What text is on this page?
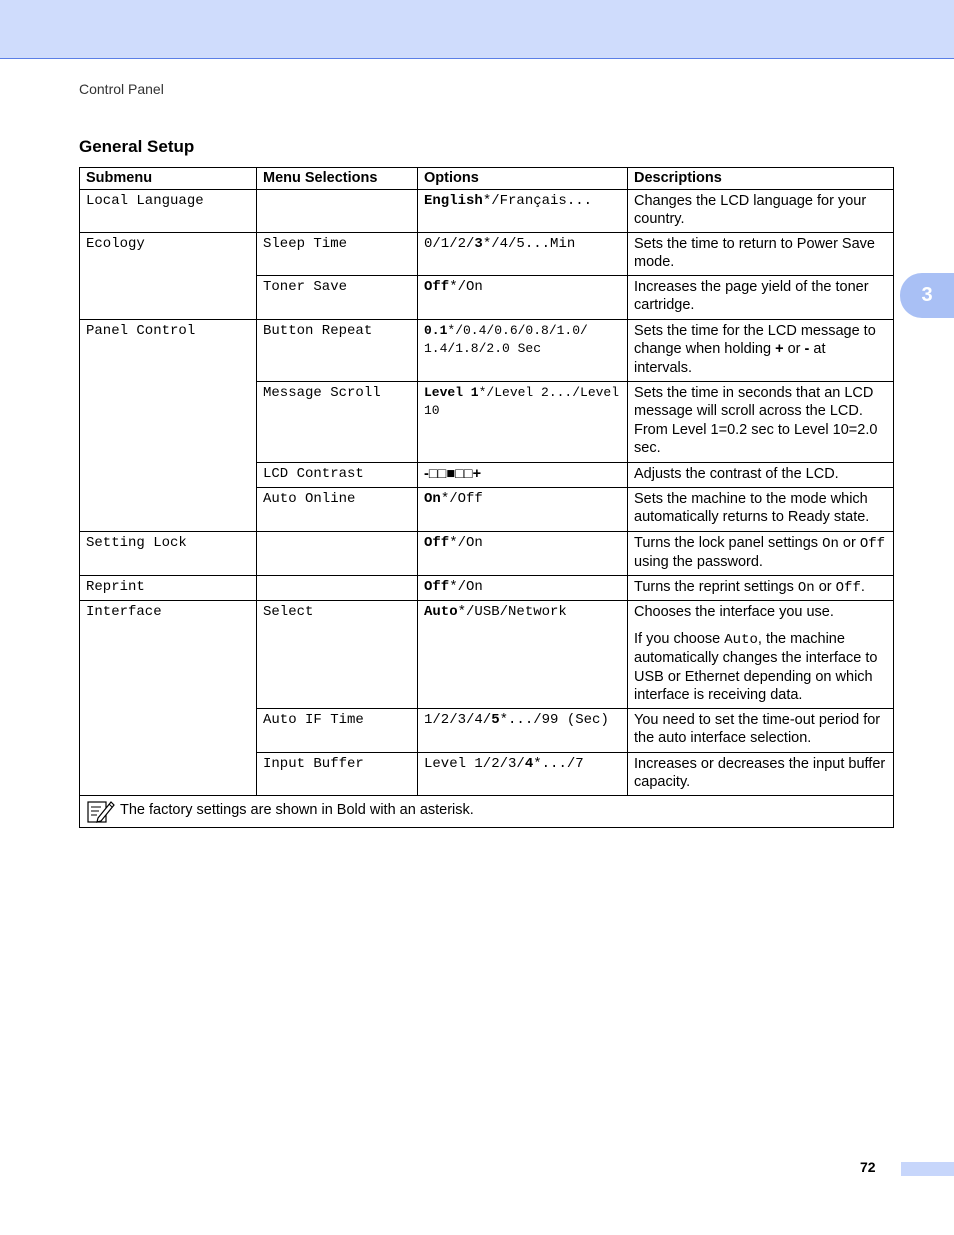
Control Panel
General Setup
3
Submenu	Menu Selections	Options	Descriptions
Local Language		English*/Français...	Changes the LCD language for your country.
Ecology	Sleep Time	0/1/2/3*/4/5...Min	Sets the time to return to Power Save mode.
	Toner Save	Off*/On	Increases the page yield of the toner cartridge.
Panel Control	Button Repeat	0.1*/0.4/0.6/0.8/1.0/ 1.4/1.8/2.0 Sec	Sets the time for the LCD message to change when holding + or - at intervals.
	Message Scroll	Level 1*/Level 2.../Level 10	Sets the time in seconds that an LCD message will scroll across the LCD. From Level 1=0.2 sec to Level 10=2.0 sec.
	LCD Contrast	-□□■□□+	Adjusts the contrast of the LCD.
	Auto Online	On*/Off	Sets the machine to the mode which automatically returns to Ready state.
Setting Lock		Off*/On	Turns the lock panel settings On or Off using the password.
Reprint		Off*/On	Turns the reprint settings On or Off.
Interface	Select	Auto*/USB/Network	Chooses the interface you use.
If you choose Auto, the machine automatically changes the interface to USB or Ethernet depending on which interface is receiving data.

	Auto IF Time	1/2/3/4/5*.../99 (Sec)	You need to set the time-out period for the auto interface selection.
	Input Buffer	Level 1/2/3/4*.../7	Increases or decreases the input buffer capacity.

The factory settings are shown in Bold with an asterisk.			
72
